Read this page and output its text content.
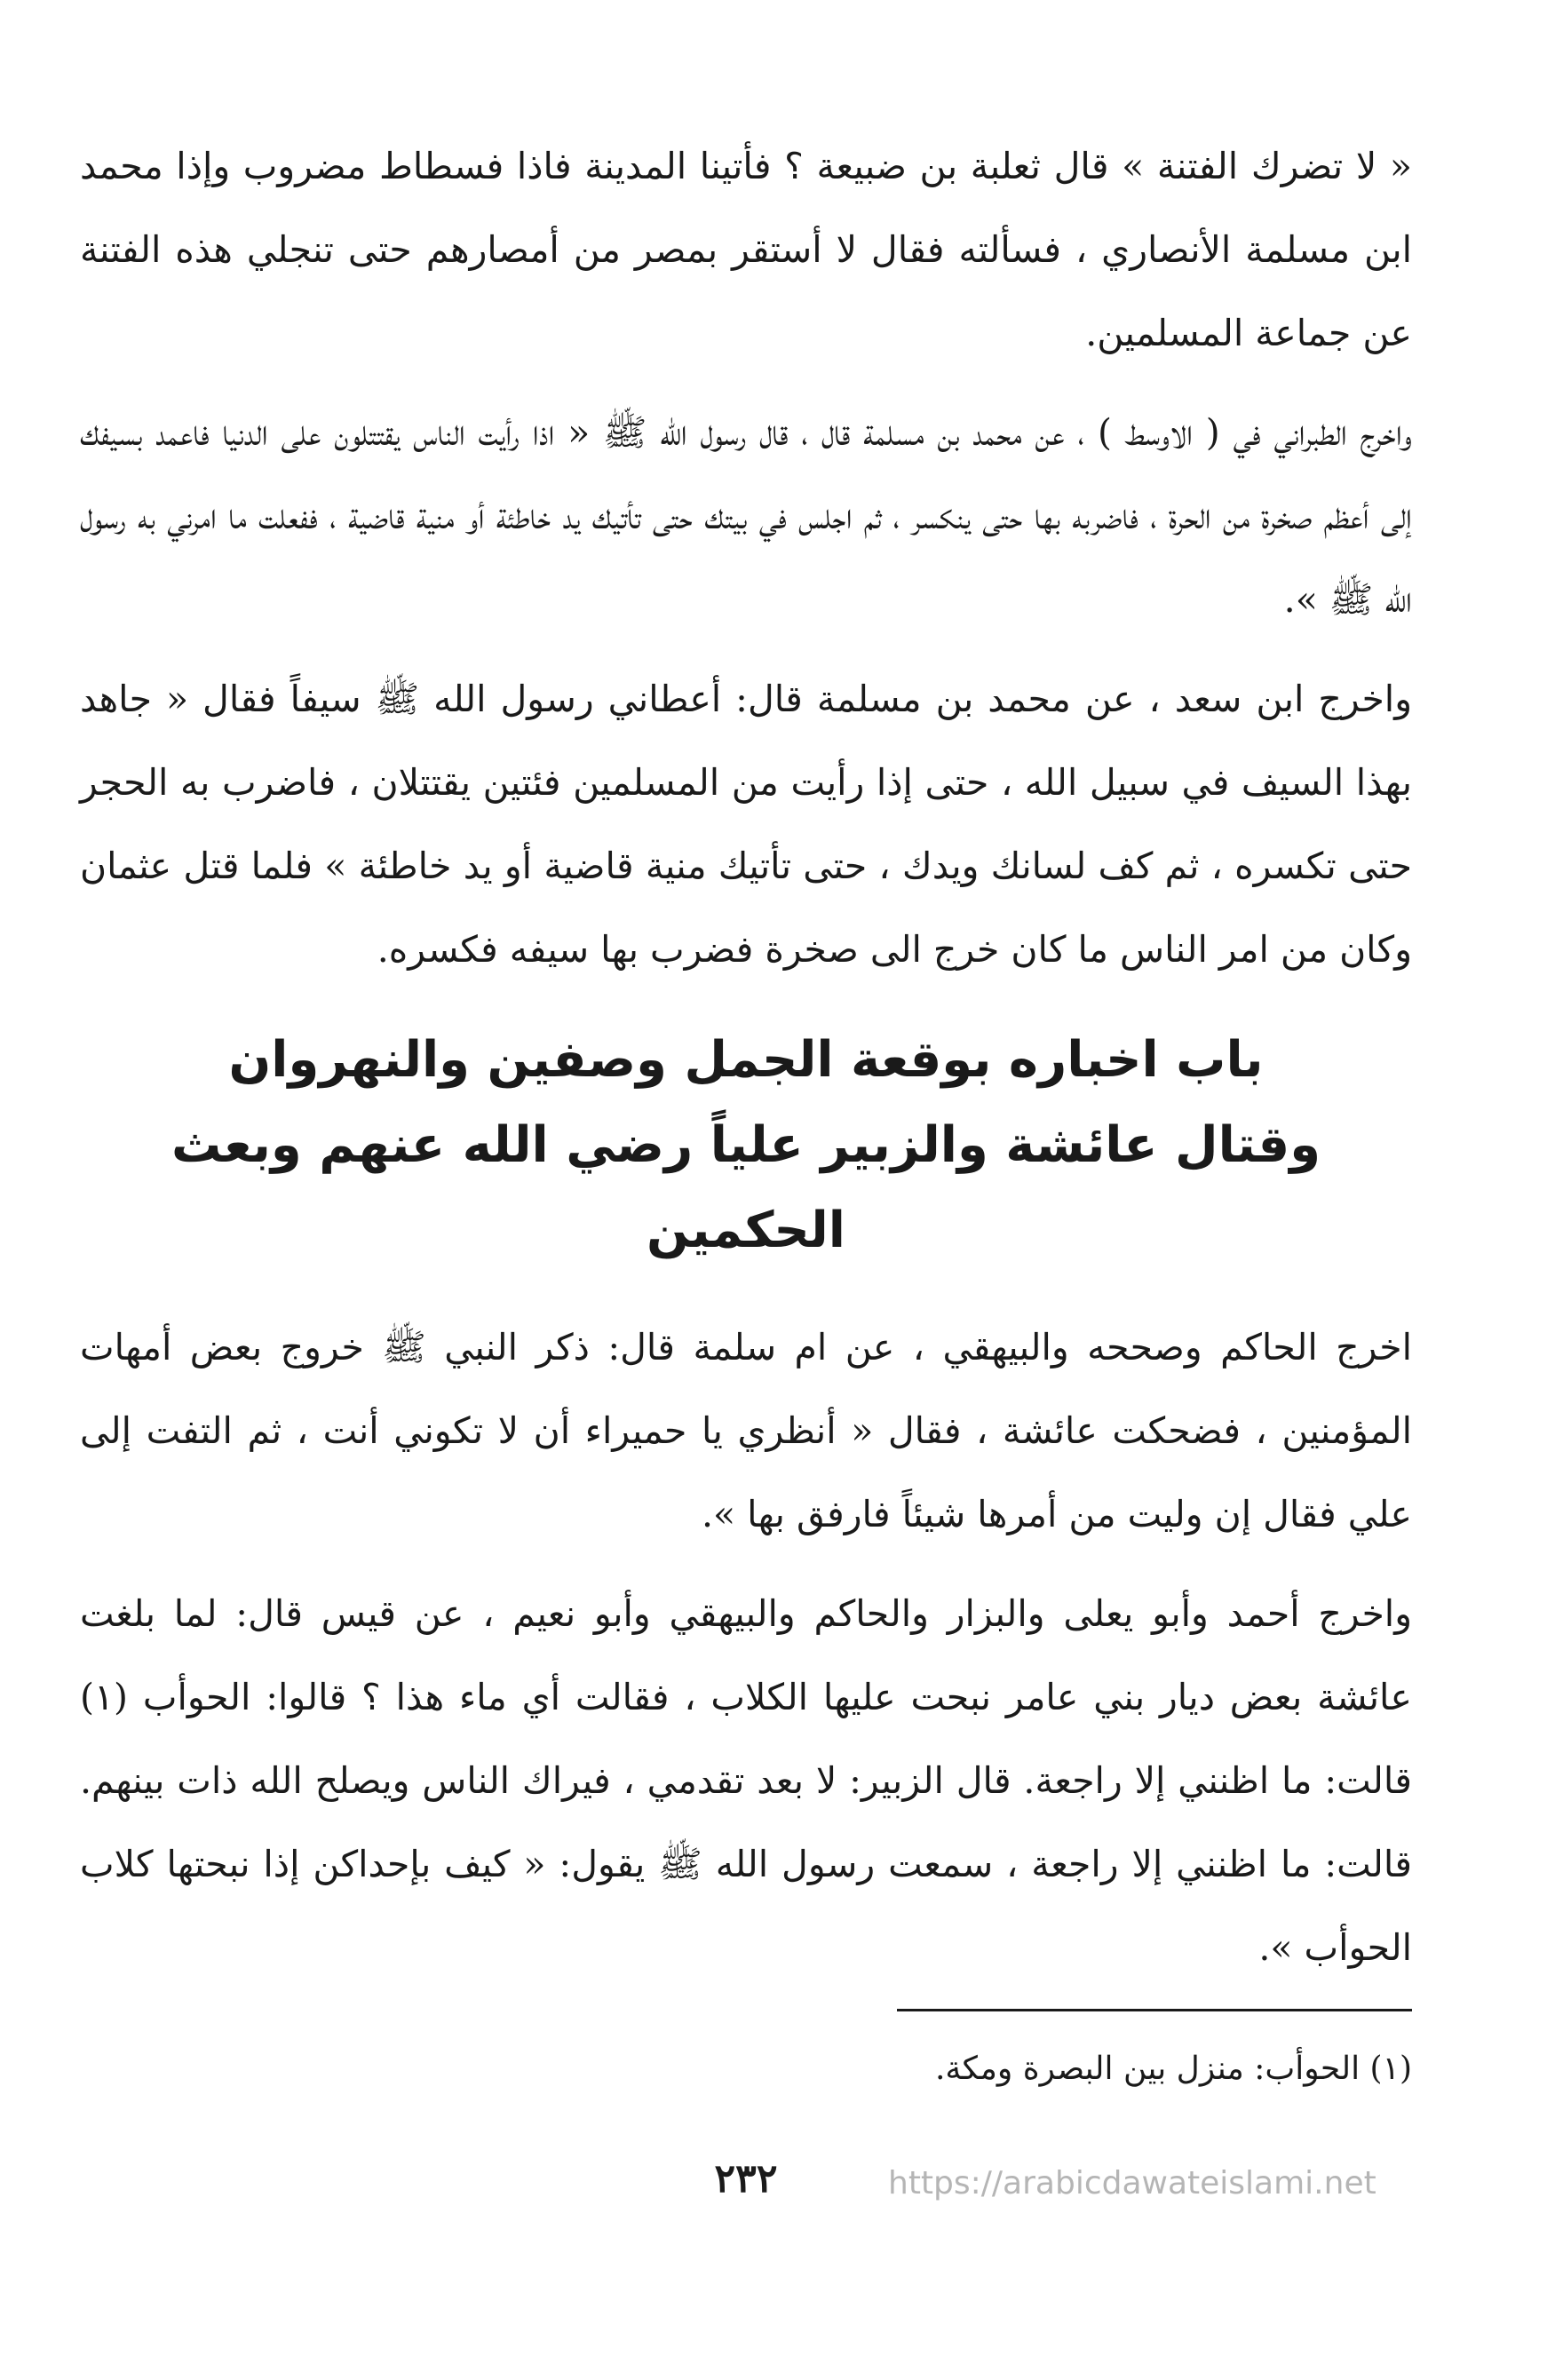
« لا تضرك الفتنة » قال ثعلبة بن ضبيعة ؟ فأتينا المدينة فاذا فسطاط مضروب وإذا محمد ابن مسلمة الأنصاري ، فسألته فقال لا أستقر بمصر من أمصارهم حتى تنجلي هذه الفتنة عن جماعة المسلمين.

واخرج الطبراني في ( الاوسط ) ، عن محمد بن مسلمة قال ، قال رسول الله ﷺ « اذا رأيت الناس يقتتلون على الدنيا فاعمد بسيفك إلى أعظم صخرة من الحرة ، فاضربه بها حتى ينكسر ، ثم اجلس في بيتك حتى تأتيك يد خاطئة أو منية قاضية ، ففعلت ما امرني به رسول الله ﷺ ».

واخرج ابن سعد ، عن محمد بن مسلمة قال: أعطاني رسول الله ﷺ سيفاً فقال « جاهد بهذا السيف في سبيل الله ، حتى إذا رأيت من المسلمين فئتين يقتتلان ، فاضرب به الحجر حتى تكسره ، ثم كف لسانك ويدك ، حتى تأتيك منية قاضية أو يد خاطئة » فلما قتل عثمان وكان من امر الناس ما كان خرج الى صخرة فضرب بها سيفه فكسره.

باب اخباره بوقعة الجمل وصفين والنهروان
وقتال عائشة والزبير علياً رضي الله عنهم وبعث الحكمين

اخرج الحاكم وصححه والبيهقي ، عن ام سلمة قال: ذكر النبي ﷺ خروج بعض أمهات المؤمنين ، فضحكت عائشة ، فقال « أنظري يا حميراء أن لا تكوني أنت ، ثم التفت إلى علي فقال إن وليت من أمرها شيئاً فارفق بها ».

واخرج أحمد وأبو يعلى والبزار والحاكم والبيهقي وأبو نعيم ، عن قيس قال: لما بلغت عائشة بعض ديار بني عامر نبحت عليها الكلاب ، فقالت أي ماء هذا ؟ قالوا: الحوأب (١) قالت: ما اظنني إلا راجعة. قال الزبير: لا بعد تقدمي ، فيراك الناس ويصلح الله ذات بينهم. قالت: ما اظنني إلا راجعة ، سمعت رسول الله ﷺ يقول: « كيف بإحداكن إذا نبحتها كلاب الحوأب ».

(١) الحوأب: منزل بين البصرة ومكة.
https://arabicdawateislami.net
٢٣٢
